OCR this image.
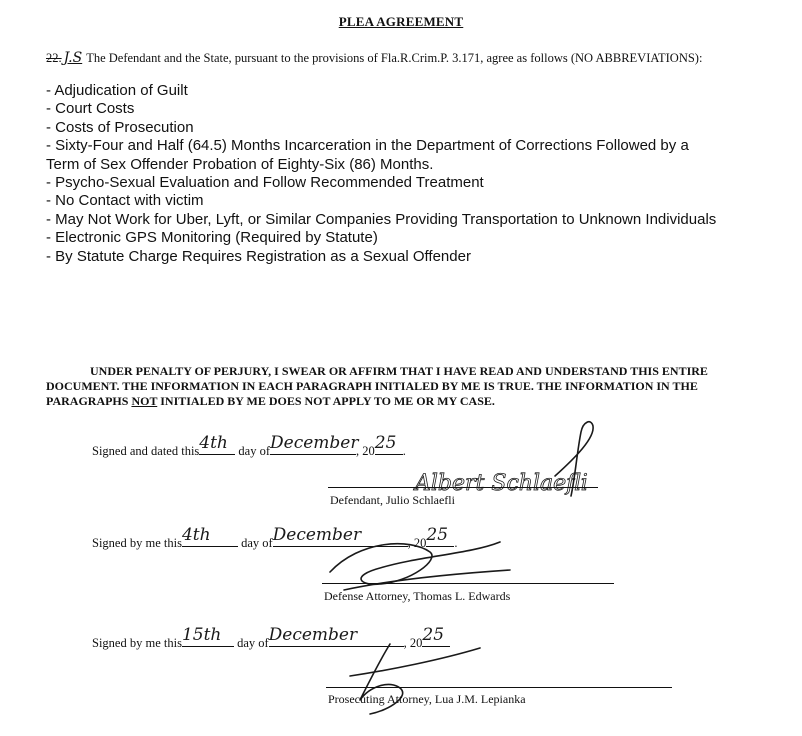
PLEA AGREEMENT
22. J.S The Defendant and the State, pursuant to the provisions of Fla.R.Crim.P. 3.171, agree as follows (NO ABBREVIATIONS):
- Adjudication of Guilt
- Court Costs
- Costs of Prosecution
- Sixty-Four and Half (64.5) Months Incarceration in the Department of Corrections Followed by a
Term of Sex Offender Probation of Eighty-Six (86) Months.
- Psycho-Sexual Evaluation and Follow Recommended Treatment
- No Contact with victim
- May Not Work for Uber, Lyft, or Similar Companies Providing Transportation to Unknown Individuals
- Electronic GPS Monitoring (Required by Statute)
- By Statute Charge Requires Registration as a Sexual Offender
UNDER PENALTY OF PERJURY, I SWEAR OR AFFIRM THAT I HAVE READ AND UNDERSTAND THIS ENTIRE DOCUMENT. THE INFORMATION IN EACH PARAGRAPH INITIALED BY ME IS TRUE. THE INFORMATION IN THE PARAGRAPHS NOT INITIALED BY ME DOES NOT APPLY TO ME OR MY CASE.
Signed and dated this 4th day of December
, 20 25 .
Albert Schlaefli
Defendant, Julio Schlaefli
Signed by me this 4th day of December	, 20 25 .
Defense Attorney, Thomas L. Edwards
Signed by me this 15th day of December	, 20 25
Prosecuting Attorney, Lua J.M. Lepianka
